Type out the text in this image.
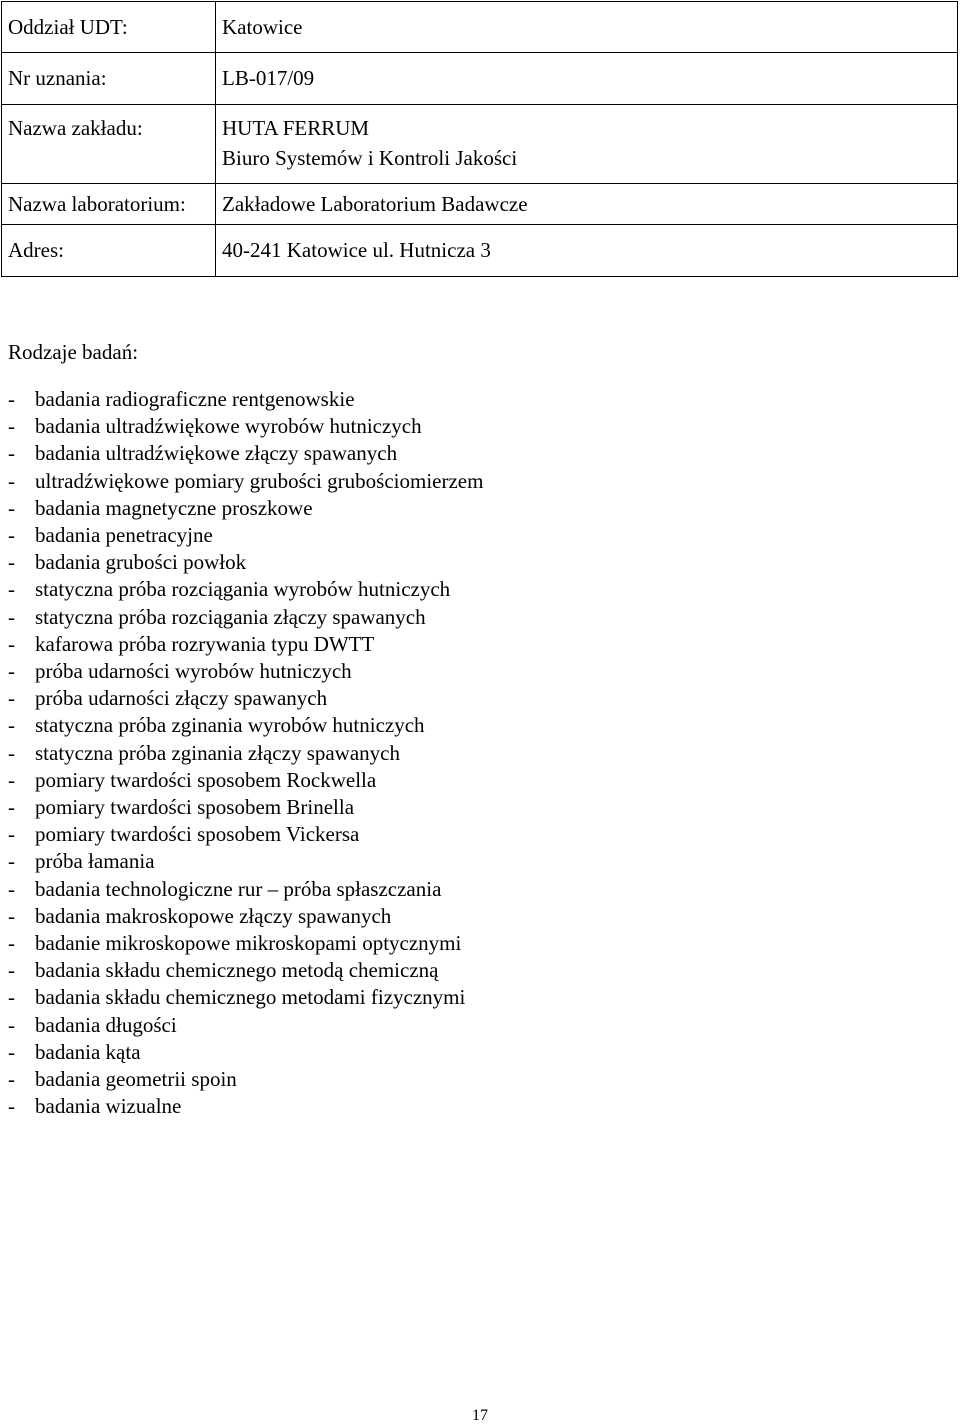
Oddział UDT:	Katowice
Nr uznania:	LB-017/09
Nazwa zakładu:	HUTA FERRUM
	Biuro Systemów i Kontroli Jakości
Nazwa laboratorium:	Zakładowe Laboratorium Badawcze
Adres:	40-241 Katowice ul. Hutnicza 3
Rodzaje badań:
- badania radiograficzne rentgenowskie
- badania ultradźwiękowe wyrobów hutniczych
- badania ultradźwiękowe złączy spawanych
- ultradźwiękowe pomiary grubości grubościomierzem
- badania magnetyczne proszkowe
- badania penetracyjne
- badania grubości powłok
- statyczna próba rozciągania wyrobów hutniczych
- statyczna próba rozciągania złączy spawanych
- kafarowa próba rozrywania typu DWTT
- próba udarności wyrobów hutniczych
- próba udarności złączy spawanych
- statyczna próba zginania wyrobów hutniczych
- statyczna próba zginania złączy spawanych
- pomiary twardości sposobem Rockwella
- pomiary twardości sposobem Brinella
- pomiary twardości sposobem Vickersa
- próba łamania
- badania technologiczne rur – próba spłaszczania
- badania makroskopowe złączy spawanych
- badanie mikroskopowe mikroskopami optycznymi
- badania składu chemicznego metodą chemiczną
- badania składu chemicznego metodami fizycznymi
- badania długości
- badania kąta
- badania geometrii spoin
- badania wizualne
17
